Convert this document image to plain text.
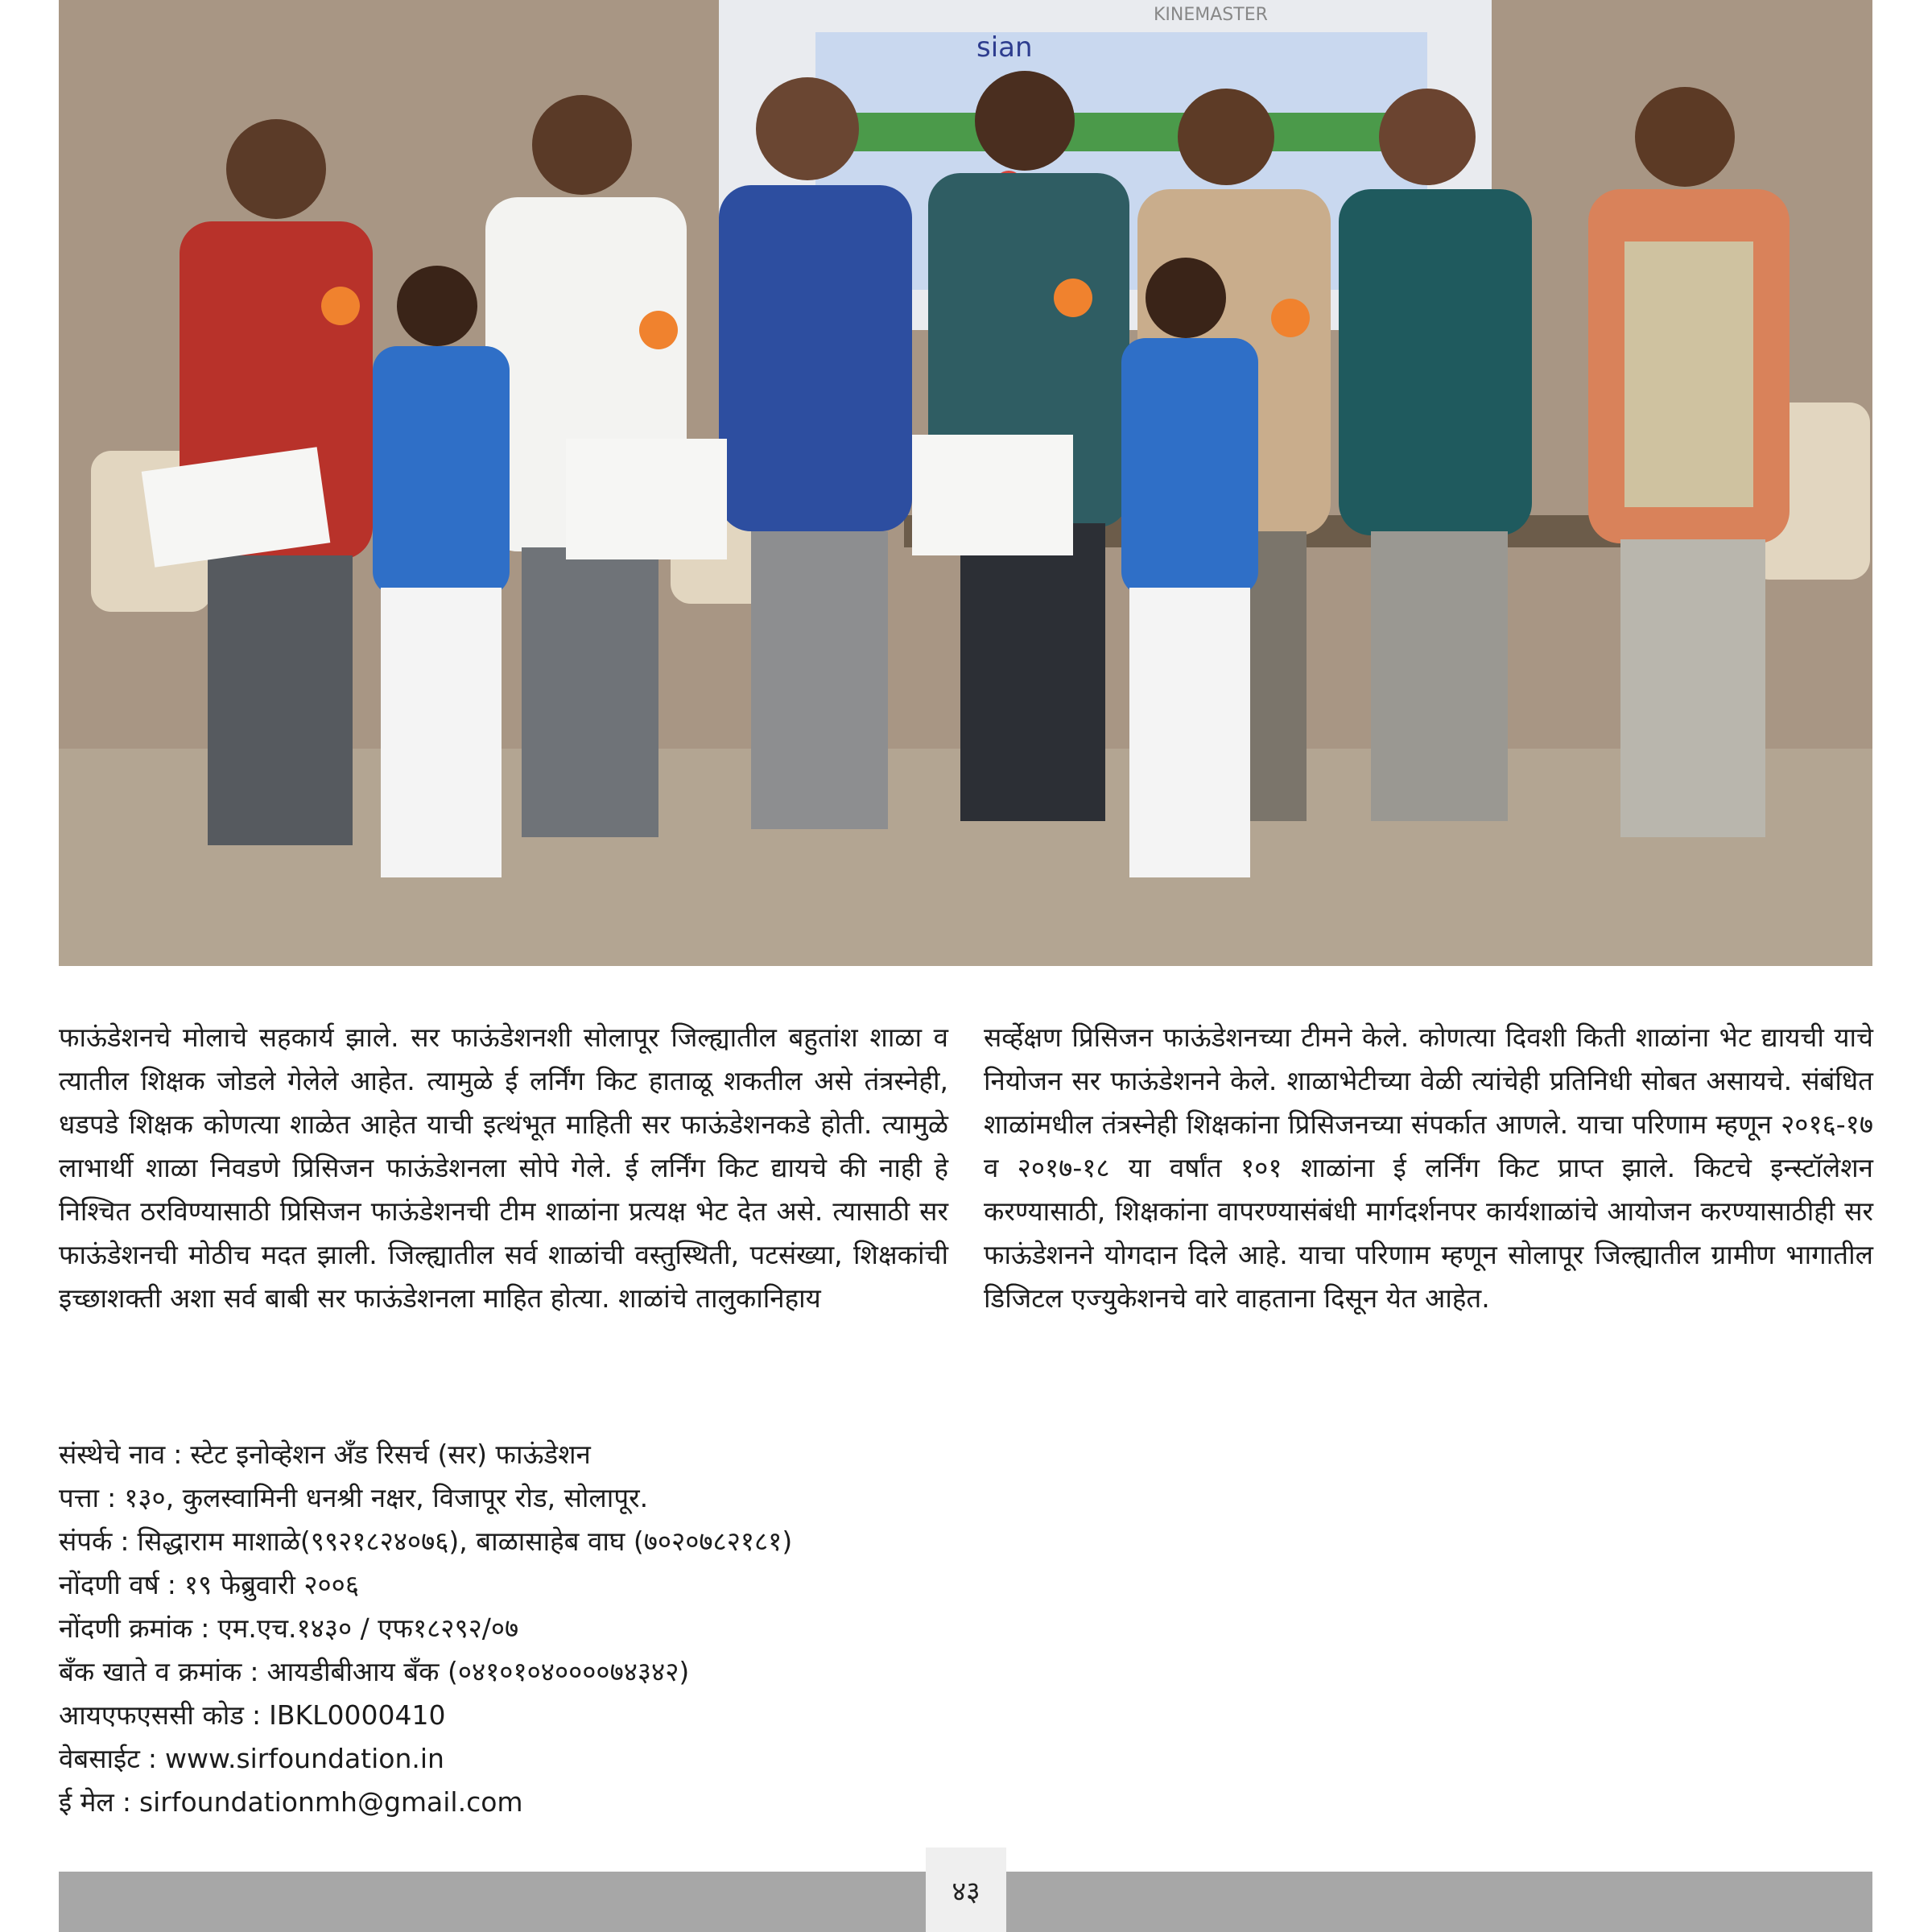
sian
KINEMASTER

फाऊंडेशनचे मोलाचे सहकार्य झाले. सर फाऊंडेशनशी सोलापूर जिल्ह्यातील बहुतांश शाळा व त्यातील शिक्षक जोडले गेलेले आहेत. त्यामुळे ई लर्निंग किट हाताळू शकतील असे तंत्रस्नेही, धडपडे शिक्षक कोणत्या शाळेत आहेत याची इत्थंभूत माहिती सर फाऊंडेशनकडे होती. त्यामुळे लाभार्थी शाळा निवडणे प्रिसिजन फाऊंडेशनला सोपे गेले. ई लर्निंग किट द्यायचे की नाही हे निश्चित ठरविण्यासाठी प्रिसिजन फाऊंडेशनची टीम शाळांना प्रत्यक्ष भेट देत असे. त्यासाठी सर फाऊंडेशनची मोठीच मदत झाली. जिल्ह्यातील सर्व शाळांची वस्तुस्थिती, पटसंख्या, शिक्षकांची इच्छाशक्ती अशा सर्व बाबी सर फाऊंडेशनला माहित होत्या. शाळांचे तालुकानिहाय

सर्व्हेक्षण प्रिसिजन फाऊंडेशनच्या टीमने केले. कोणत्या दिवशी किती शाळांना भेट द्यायची याचे नियोजन सर फाऊंडेशनने केले. शाळाभेटीच्या वेळी त्यांचेही प्रतिनिधी सोबत असायचे. संबंधित शाळांमधील तंत्रस्नेही शिक्षकांना प्रिसिजनच्या संपर्कात आणले. याचा परिणाम म्हणून २०१६-१७ व २०१७-१८ या वर्षांत १०१ शाळांना ई लर्निंग किट प्राप्त झाले. किटचे इन्स्टॉलेशन करण्यासाठी, शिक्षकांना वापरण्यासंबंधी मार्गदर्शनपर कार्यशाळांचे आयोजन करण्यासाठीही सर फाऊंडेशनने योगदान दिले आहे. याचा परिणाम म्हणून सोलापूर जिल्ह्यातील ग्रामीण भागातील डिजिटल एज्युकेशनचे वारे वाहताना दिसून येत आहेत.

संस्थेचे नाव : स्टेट इनोव्हेशन अँड रिसर्च (सर) फाऊंडेशन
पत्ता : १३०, कुलस्वामिनी धनश्री नक्षर, विजापूर रोड, सोलापूर.
संपर्क : सिद्धाराम माशाळे(९९२१८२४०७६), बाळासाहेब वाघ (७०२०७८२१८१)
नोंदणी वर्ष : १९ फेब्रुवारी २००६
नोंदणी क्रमांक : एम.एच.१४३० / एफ१८२९२/०७
बँक खाते व क्रमांक : आयडीबीआय बँक (०४१०१०४००००७४३४२)
आयएफएससी कोड : IBKL0000410
वेबसाईट : www.sirfoundation.in
ई मेल : sirfoundationmh@gmail.com
४३
